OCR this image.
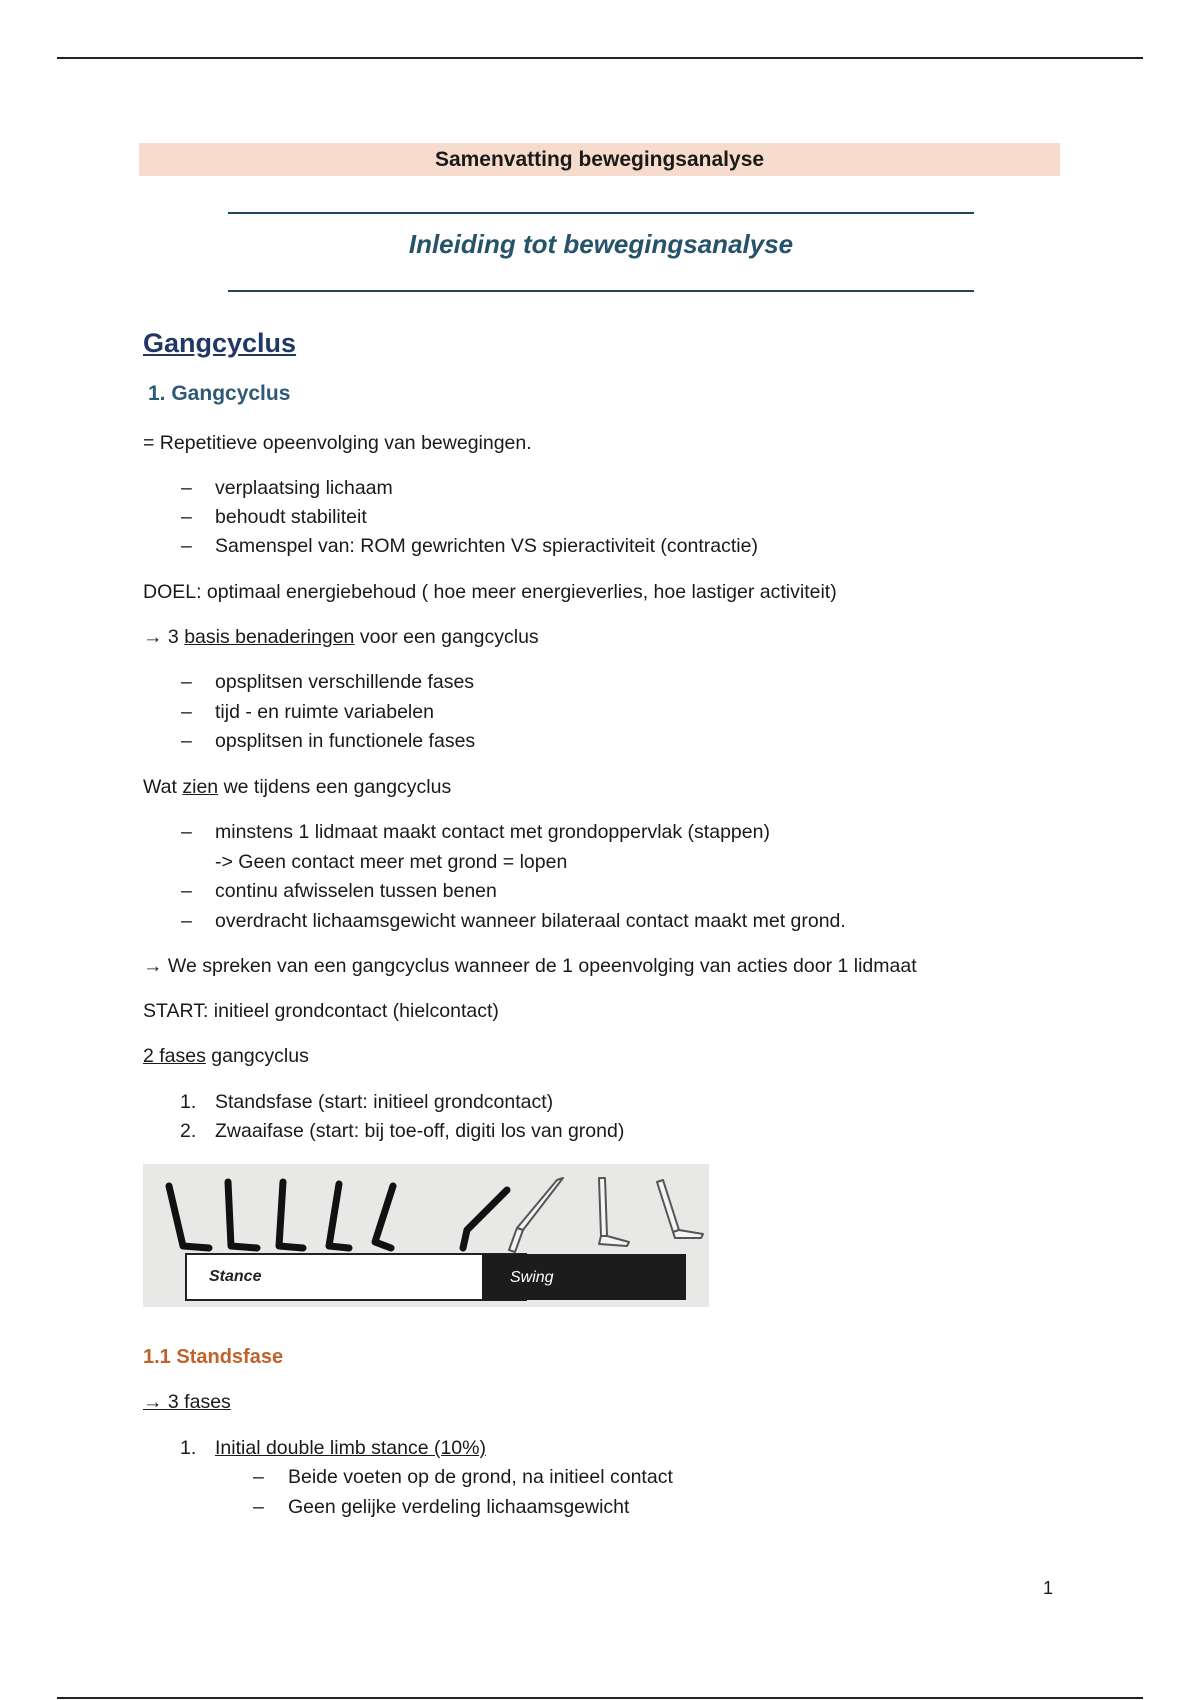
Samenvatting bewegingsanalyse
Inleiding tot bewegingsanalyse
Gangcyclus
1. Gangcyclus
= Repetitieve opeenvolging van bewegingen.
– verplaatsing lichaam
– behoudt stabiliteit
– Samenspel van: ROM gewrichten VS spieractiviteit (contractie)
DOEL: optimaal energiebehoud ( hoe meer energieverlies, hoe lastiger activiteit)
→ 3 basis benaderingen voor een gangcyclus
– opsplitsen verschillende fases
– tijd - en ruimte variabelen
– opsplitsen in functionele fases
Wat zien we tijdens een gangcyclus
– minstens 1 lidmaat maakt contact met grondoppervlak (stappen)
-> Geen contact meer met grond = lopen
– continu afwisselen tussen benen
– overdracht lichaamsgewicht wanneer bilateraal contact maakt met grond.
→ We spreken van een gangcyclus wanneer de 1 opeenvolging van acties door 1 lidmaat
START: initieel grondcontact (hielcontact)
2 fases gangcyclus
1. Standsfase (start: initieel grondcontact)
2. Zwaaifase (start: bij toe-off, digiti los van grond)
Stance	Swing
1.1 Standsfase
→ 3 fases
1. Initial double limb stance (10%)
– Beide voeten op de grond, na initieel contact
– Geen gelijke verdeling lichaamsgewicht
1
